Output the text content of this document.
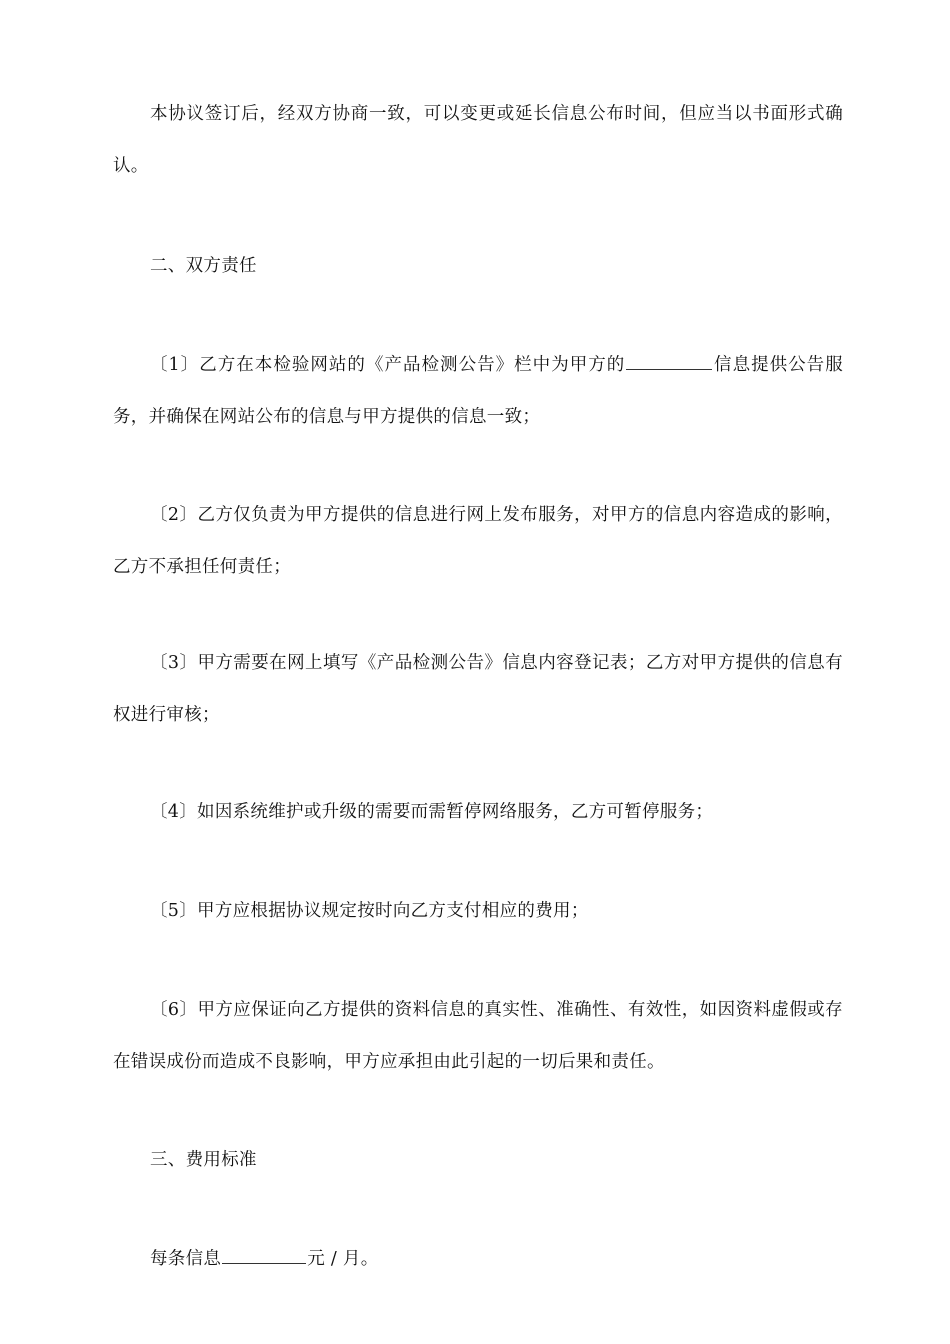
本协议签订后，经双方协商一致，可以变更或延长信息公布时间，但应当以书面形式确认。

二、双方责任

〔1〕乙方在本检验网站的《产品检测公告》栏中为甲方的	信息提供公告服务，并确保在网站公布的信息与甲方提供的信息一致；

〔2〕乙方仅负责为甲方提供的信息进行网上发布服务，对甲方的信息内容造成的影响，乙方不承担任何责任；

〔3〕甲方需要在网上填写《产品检测公告》信息内容登记表；乙方对甲方提供的信息有权进行审核；

〔4〕如因系统维护或升级的需要而需暂停网络服务，乙方可暂停服务；

〔5〕甲方应根据协议规定按时向乙方支付相应的费用；

〔6〕甲方应保证向乙方提供的资料信息的真实性、准确性、有效性，如因资料虚假或存在错误成份而造成不良影响，甲方应承担由此引起的一切后果和责任。

三、费用标准

每条信息	元 / 月。
